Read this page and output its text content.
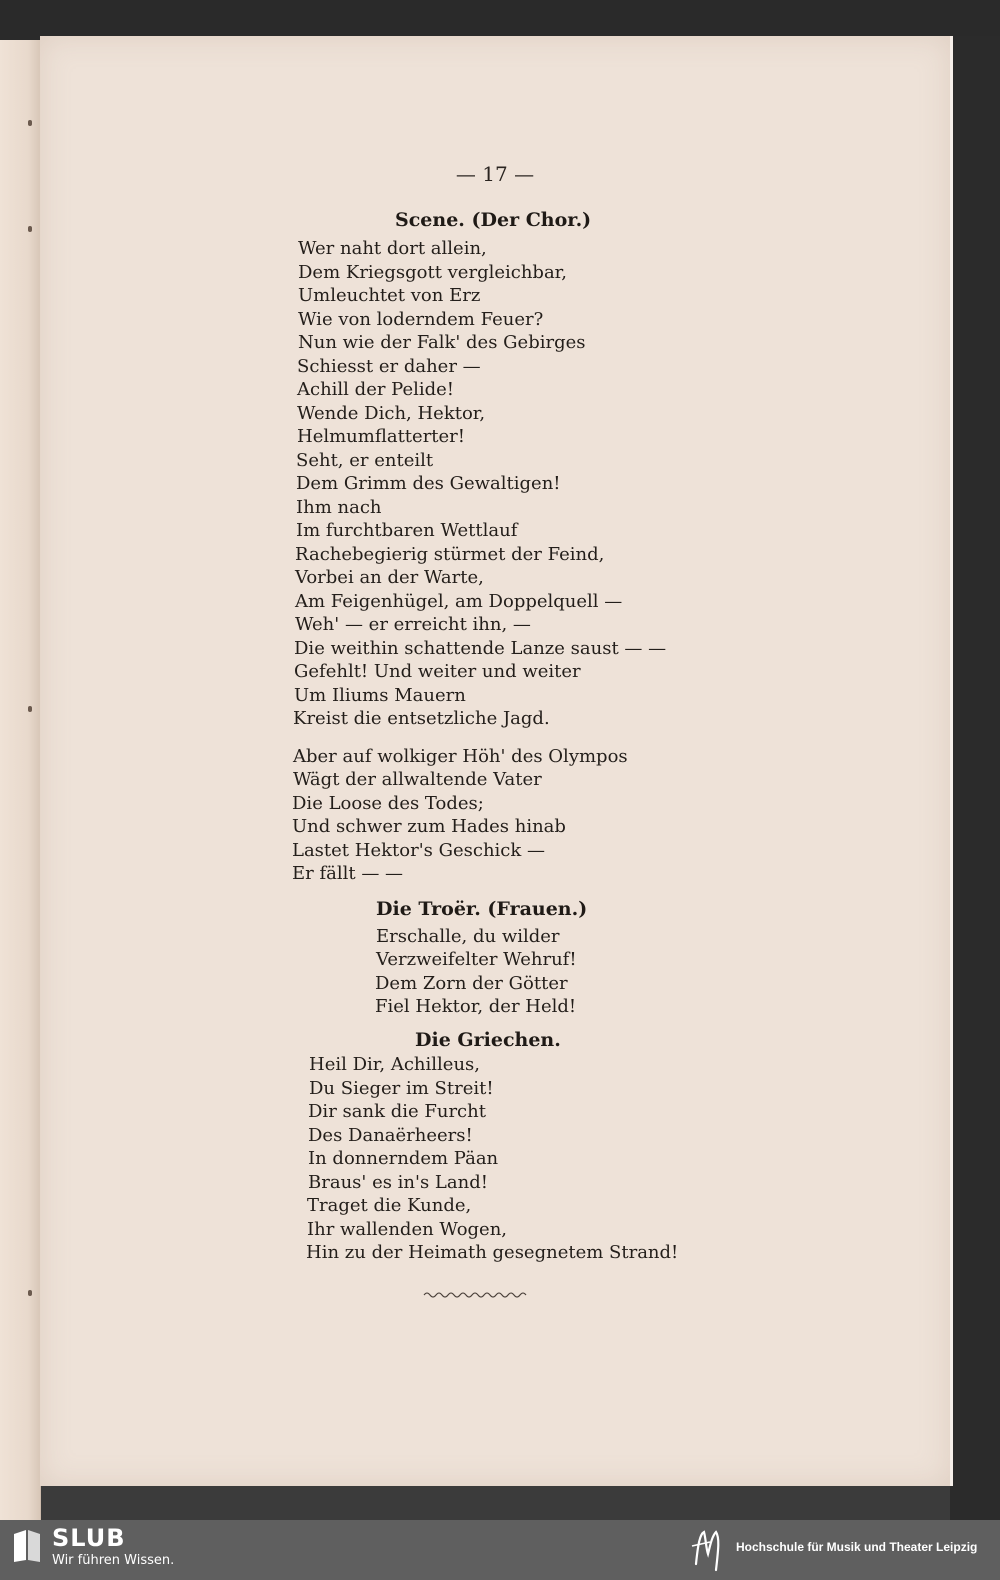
— 17 —
Scene. (Der Chor.)
Wer naht dort allein,
Dem Kriegsgott vergleichbar,
Umleuchtet von Erz
Wie von loderndem Feuer?
Nun wie der Falk' des Gebirges
Schiesst er daher —
Achill der Pelide!
Wende Dich, Hektor,
Helmumflatterter!
Seht, er enteilt
Dem Grimm des Gewaltigen!
Ihm nach
Im furchtbaren Wettlauf
Rachebegierig stürmet der Feind,
Vorbei an der Warte,
Am Feigenhügel, am Doppelquell —
Weh' — er erreicht ihn, —
Die weithin schattende Lanze saust — —
Gefehlt! Und weiter und weiter
Um Iliums Mauern
Kreist die entsetzliche Jagd.
Aber auf wolkiger Höh' des Olympos
Wägt der allwaltende Vater
Die Loose des Todes;
Und schwer zum Hades hinab
Lastet Hektor's Geschick —
Er fällt — —
Die Troër. (Frauen.)
Erschalle, du wilder
Verzweifelter Wehruf!
Dem Zorn der Götter
Fiel Hektor, der Held!
Die Griechen.
Heil Dir, Achilleus,
Du Sieger im Streit!
Dir sank die Furcht
Des Danaërheers!
In donnerndem Päan
Braus' es in's Land!
Traget die Kunde,
Ihr wallenden Wogen,
Hin zu der Heimath gesegnetem Strand!
SLUB
Wir führen Wissen.
Hochschule für Musik und Theater Leipzig
